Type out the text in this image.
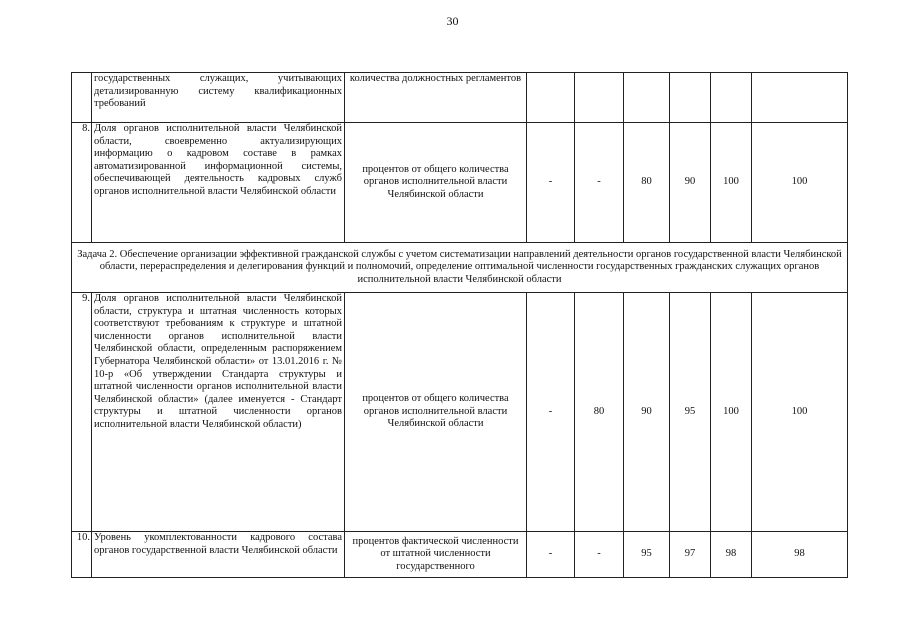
30
	государственных служащих, учитывающих детализированную систему квалификационных требований	количества должностных регламентов						
8.	Доля органов исполнительной власти Челябинской области, своевременно актуализирующих информацию о кадровом составе в рамках автоматизированной информационной системы, обеспечивающей деятельность кадровых служб органов исполнительной власти Челябинской области	процентов от общего количества органов исполнительной власти Челябинской области	-	-	80	90	100	100
Задача 2. Обеспечение организации эффективной гражданской службы с учетом систематизации направлений деятельности органов государственной власти Челябинской области, перераспределения и делегирования функций и полномочий, определение оптимальной численности государственных гражданских служащих органов исполнительной власти Челябинской области								
9.	Доля органов исполнительной власти Челябинской области, структура и штатная численность которых соответствуют требованиям к структуре и штатной численности органов исполнительной власти Челябинской области, определенным распоряжением Губернатора Челябинской области» от 13.01.2016 г. № 10-р «Об утверждении Стандарта структуры и штатной численности органов исполнительной власти Челябинской области» (далее именуется - Стандарт структуры и штатной численности органов исполнительной власти Челябинской области)	процентов от общего количества органов исполнительной власти Челябинской области	-	80	90	95	100	100
10.	Уровень укомплектованности кадрового состава органов государственной власти Челябинской области	процентов фактической численности от штатной численности государственного	-	-	95	97	98	98
